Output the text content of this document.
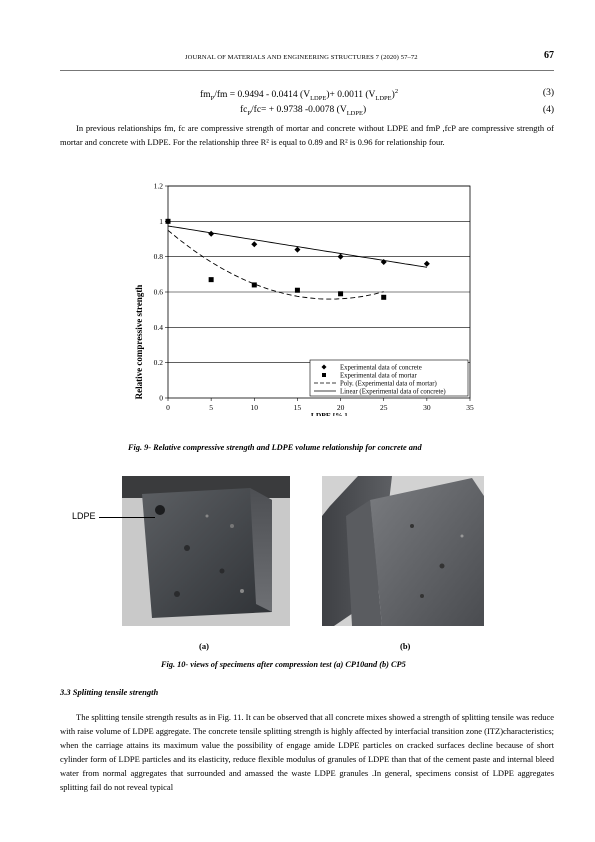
JOURNAL OF MATERIALS AND ENGINEERING STRUCTURES 7 (2020) 57–72	67
$fm_P/fm = 0.9494 - 0.0414$ $(V_{LDPE})+ 0.0011$ $(V_{LDPE})^2$	(3)
$fc_P/fc= + 0.9738$ -0.0078 $(V_{LDPE})$	(4)
In previous relationships fm, fc are compressive strength of mortar and concrete without LDPE and fmP ,fcP are compressive strength of mortar and concrete with LDPE. For the relationship three R² is equal to 0.89 and R² is 0.96 for relationship four.
0
0.2
0.4
0.6
0.8
1
1.2
0	5	10	15	20	25	30	35
LDPE [% ]
Relative compressive strength	Experimental data of concrete
Experimental data of mortar
Poly. (Experimental data of mortar)
Linear (Experimental data of concrete)
Fig. 9- Relative compressive strength and LDPE volume relationship for concrete and
LDPE
(a)	(b)
Fig. 10- views of specimens after compression test (a) CP10and (b) CP5
3.3 Splitting tensile strength
The splitting tensile strength results as in Fig. 11. It can be observed that all concrete mixes showed a strength of splitting tensile was reduce with raise volume of LDPE aggregate. The concrete tensile splitting strength is highly affected by interfacial transition zone (ITZ)characteristics; when the carriage attains its maximum value the possibility of engage amide LDPE particles on cracked surfaces decline because of short cylinder form of LDPE particles and its elasticity, reduce flexible modulus of granules of LDPE than that of the cement paste and internal bleed water from normal aggregates that surrounded and amassed the waste LDPE granules .In general, specimens consist of LDPE aggregates splitting fail do not reveal typical
